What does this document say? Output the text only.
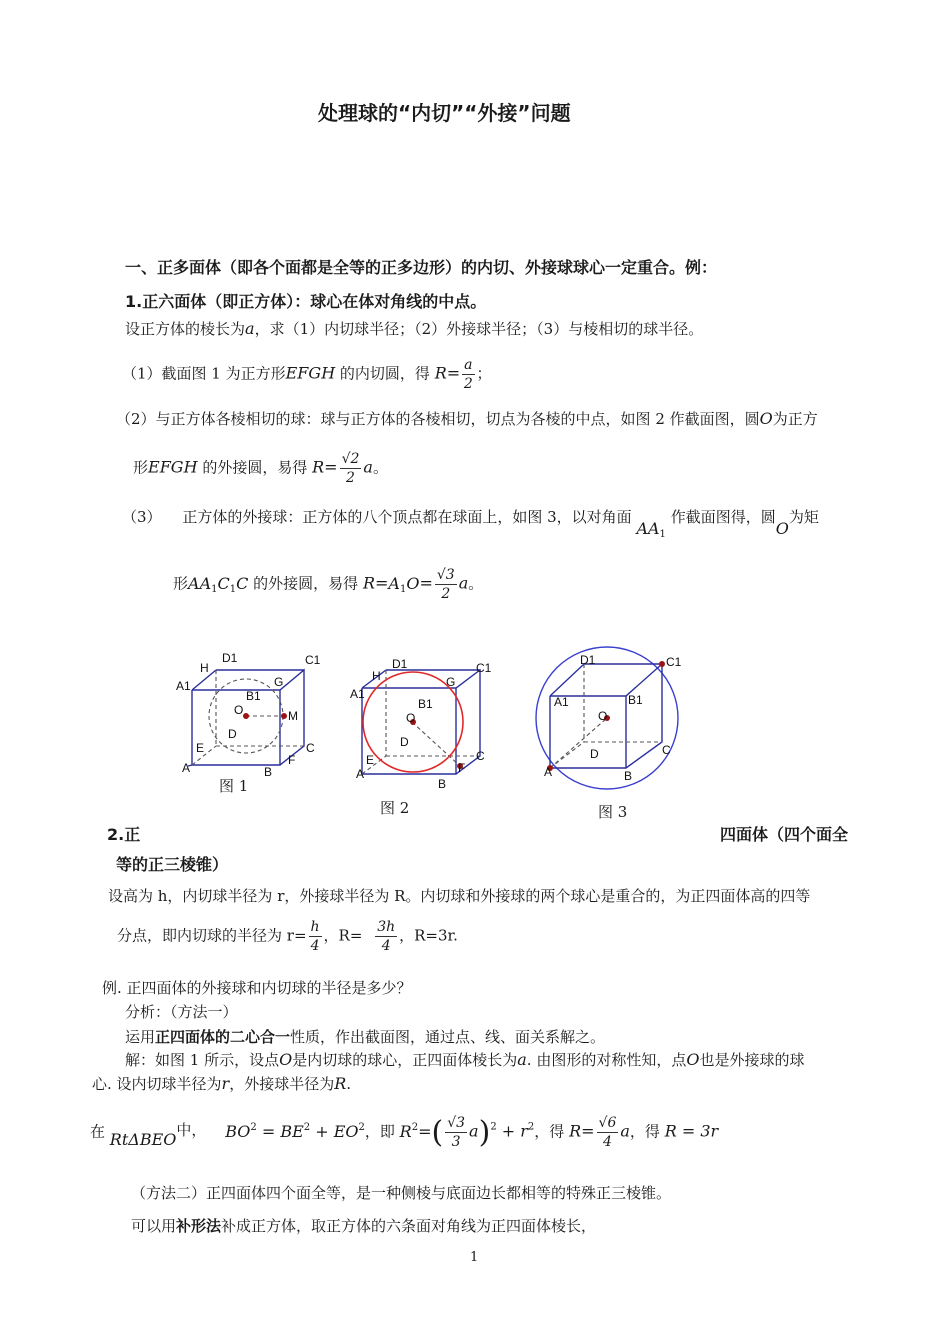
处理球的“内切”“外接”问题
一、正多面体（即各个面都是全等的正多边形）的内切、外接球球心一定重合。例：
1.正六面体（即正方体）：球心在体对角线的中点。
设正方体的棱长为a，求（1）内切球半径；（2）外接球半径；（3）与棱相切的球半径。
（1）截面图 1 为正方形EFGH 的内切圆，得 $R= \frac{a}{2}$ ；
（2）与正方体各棱相切的球：球与正方体的各棱相切，切点为各棱的中点，如图 2 作截面图，圆O为正方
形EFGH 的外接圆，易得 $R= \frac{√2}{2}$ a。
（3） 正方体的外接球：正方体的八个顶点都在球面上，如图 3，以对角面 $AA_1$ 作截面图得，圆O为矩
形$AA_1C_1C$ 的外接圆，易得 $R=A_1O= \frac{√3}{2}$ a。
D1	C1
H
G
A1
B1
O	M
D
E	C
F
A	B
D1	C1
H	G
A1
B1
O
D
C
E
F
A
B
D1	C1
A1	B1
O
D	C
A	B
图 1
图 2	图 3
2.正	四面体（四个面全
等的正三棱锥）
设高为 h，内切球半径为 r，外接球半径为 R。内切球和外接球的两个球心是重合的，为正四面体高的四等
分点，即内切球的半径为 $r= \frac{h}{4}$ ，$R= \frac{3h}{4}$ ，R=3r.
例. 正四面体的外接球和内切球的半径是多少？
分析：（方法一）
运用正四面体的二心合一性质，作出截面图，通过点、线、面关系解之。
解：如图 1 所示，设点O是内切球的球心，正四面体棱长为a. 由图形的对称性知，点O也是外接球的球
心. 设内切球半径为r，外接球半径为R.
在 RtΔBEO中， $BO^2 = BE^2 + EO^2$，即 $R^2=( \frac{√3}{3} a)^2 + r^2$，得 $R= \frac{√6}{4}$ a，得 R = 3r
（方法二）正四面体四个面全等，是一种侧棱与底面边长都相等的特殊正三棱锥。
可以用补形法补成正方体，取正方体的六条面对角线为正四面体棱长，
1
